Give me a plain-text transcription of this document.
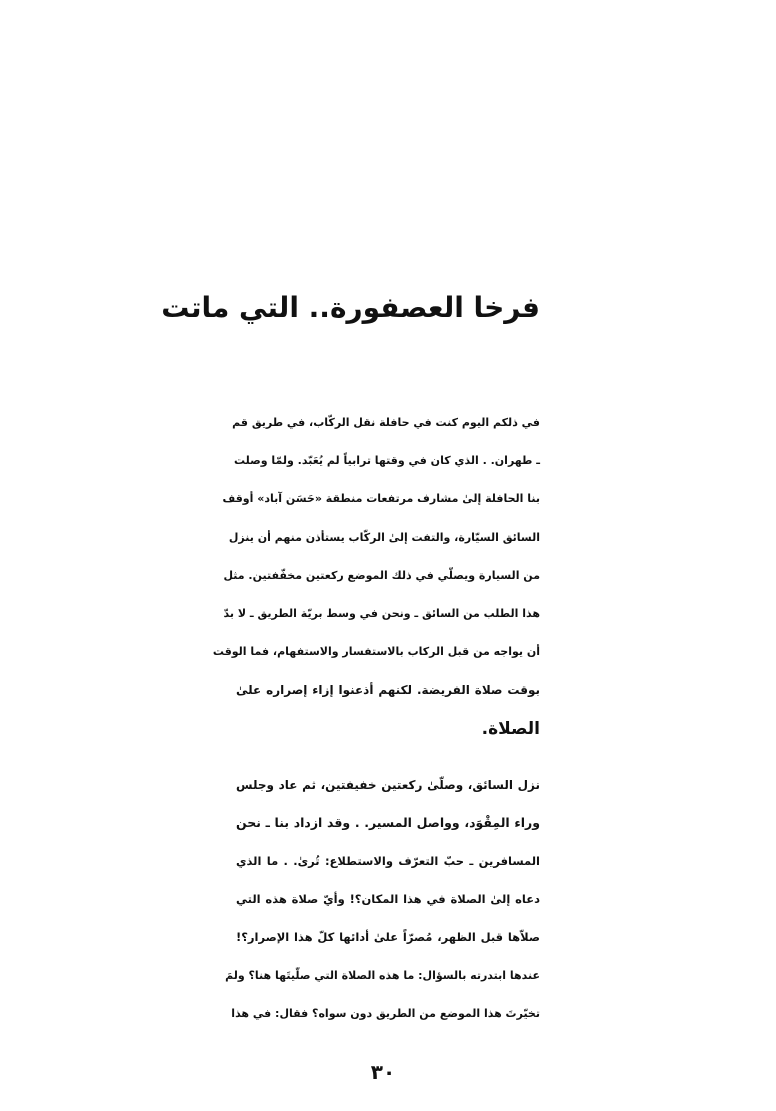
فرخا العصفورة.. التي ماتت

في ذلكم اليوم كنت في حافلة نقل الركّاب، في طريق قم
ـ طهران. . الذي كان في وقتها ترابياً لم يُعَبّد. ولمّا وصلت
بنا الحافلة إلىٰ مشارف مرتفعات منطقة «حَسَن آباد» أوقف
السائق السيّارة، والتفت إلىٰ الركّاب يستأذن منهم أن ينزل
من السيارة ويصلّي في ذلك الموضع ركعتين مخفّفتين. مثل
هذا الطلب من السائق ـ ونحن في وسط بريّة الطريق ـ لا بدّ
أن يواجه من قبل الركاب بالاستفسار والاستفهام، فما الوقت
بوقت صلاة الفريضة. لكنهم أذعنوا إزاء إصراره علىٰ
الصلاة.

نزل السائق، وصلّىٰ ركعتين خفيفتين، ثم عاد وجلس
وراء المِقْوَد، وواصل المسير. . وقد ازداد بنا ـ نحن
المسافرين ـ حبّ التعرّف والاستطلاع: تُرىٰ. . ما الذي
دعاه إلىٰ الصلاة في هذا المكان؟! وأيّ صلاة هذه التي
صلاّها قبل الظهر، مُصرّاً علىٰ أدائها كلّ هذا الإصرار؟!
عندها ابتدرته بالسؤال: ما هذه الصلاة التي صلّيتَها هنا؟ ولمَ
تخيّرتَ هذا الموضع من الطريق دون سواه؟ فقال: في هذا

٣٠
